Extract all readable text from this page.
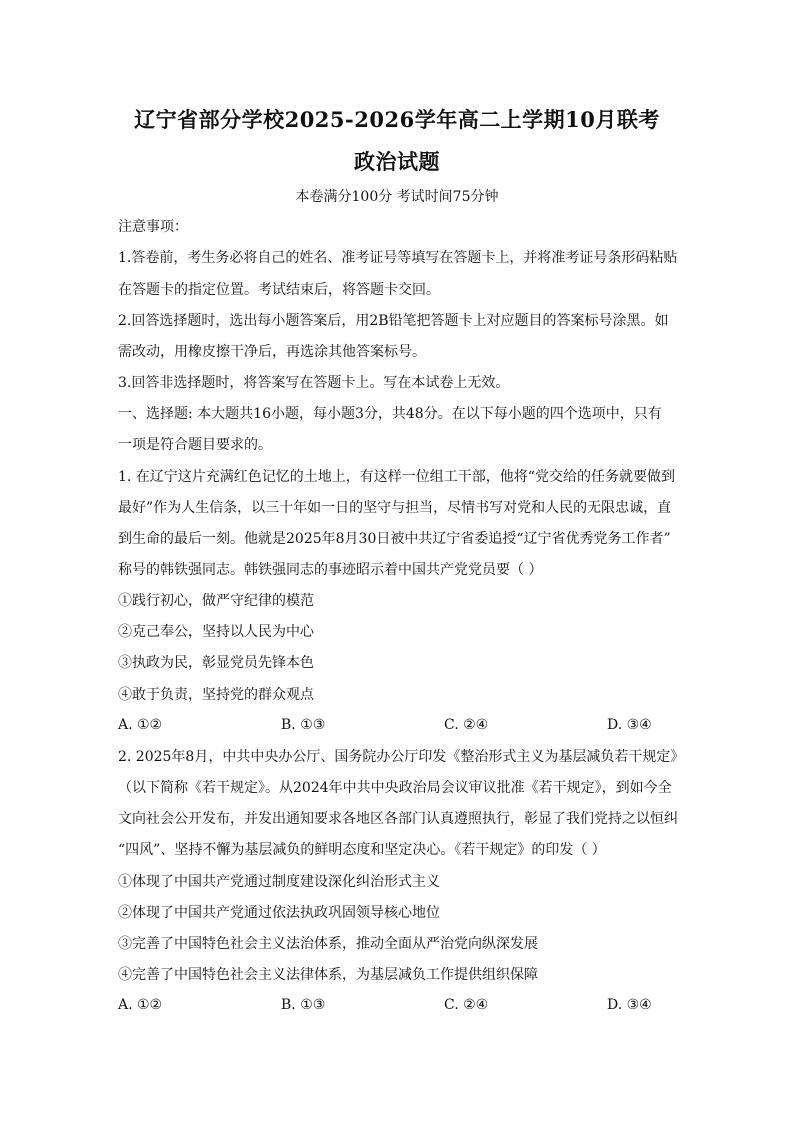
辽宁省部分学校2025-2026学年高二上学期10月联考
政治试题
本卷满分100分 考试时间75分钟
注意事项：
1.答卷前，考生务必将自己的姓名、准考证号等填写在答题卡上，并将准考证号条形码粘贴
在答题卡的指定位置。考试结束后，将答题卡交回。
2.回答选择题时，选出每小题答案后，用2B铅笔把答题卡上对应题目的答案标号涂黑。如
需改动，用橡皮擦干净后，再选涂其他答案标号。
3.回答非选择题时，将答案写在答题卡上。写在本试卷上无效。
一、选择题: 本大题共16小题，每小题3分，共48分。在以下每小题的四个选项中，只有
一项是符合题目要求的。
1. 在辽宁这片充满红色记忆的土地上，有这样一位组工干部，他将“党交给的任务就要做到
最好”作为人生信条，以三十年如一日的坚守与担当，尽情书写对党和人民的无限忠诚，直
到生命的最后一刻。他就是2025年8月30日被中共辽宁省委追授“辽宁省优秀党务工作者”
称号的韩铁强同志。韩铁强同志的事迹昭示着中国共产党党员要（ ）
①践行初心，做严守纪律的模范
②克己奉公，坚持以人民为中心
③执政为民，彰显党员先锋本色
④敢于负责，坚持党的群众观点
A. ①②	B. ①③	C. ②④	D. ③④
2. 2025年8月，中共中央办公厅、国务院办公厅印发《整治形式主义为基层减负若干规定》
（以下简称《若干规定》。从2024年中共中央政治局会议审议批准《若干规定》，到如今全
文向社会公开发布，并发出通知要求各地区各部门认真遵照执行，彰显了我们党持之以恒纠
“四风”、坚持不懈为基层减负的鲜明态度和坚定决心。《若干规定》的印发（ ）
①体现了中国共产党通过制度建设深化纠治形式主义
②体现了中国共产党通过依法执政巩固领导核心地位
③完善了中国特色社会主义法治体系，推动全面从严治党向纵深发展
④完善了中国特色社会主义法律体系，为基层减负工作提供组织保障
A. ①②	B. ①③	C. ②④	D. ③④
